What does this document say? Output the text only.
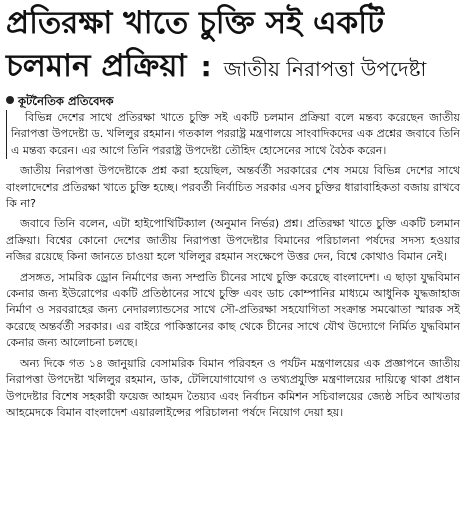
প্রতিরক্ষা খাতে চুক্তি সই একটি
চলমান প্রক্রিয়া : জাতীয় নিরাপত্তা উপদেষ্টা
কূটনৈতিক প্রতিবেদক

বিভিন্ন দেশের সাথে প্রতিরক্ষা খাতে চুক্তি সই একটি চলমান প্রক্রিয়া বলে মন্তব্য করেছেন জাতীয় নিরাপত্তা উপদেষ্টা ড. খলিলুর রহমান। গতকাল পররাষ্ট্র মন্ত্রণালয়ে সাংবাদিকদের এক প্রশ্নের জবাবে তিনি এ মন্তব্য করেন। এর আগে তিনি পররাষ্ট্র উপদেষ্টা তৌহিদ হোসেনের সাথে বৈঠক করেন।

জাতীয় নিরাপত্তা উপদেষ্টাকে প্রশ্ন করা হয়েছিল, অন্তর্বর্তী সরকারের শেষ সময়ে বিভিন্ন দেশের সাথে বাংলাদেশের প্রতিরক্ষা খাতে চুক্তি হচ্ছে। পরবর্তী নির্বাচিত সরকার এসব চুক্তির ধারাবাহিকতা বজায় রাখবে কি না?

জবাবে তিনি বলেন, এটা হাইপোথিটিক্যাল (অনুমান নির্ভর) প্রশ্ন। প্রতিরক্ষা খাতে চুক্তি একটি চলমান প্রক্রিয়া। বিশ্বের কোনো দেশের জাতীয় নিরাপত্তা উপদেষ্টার বিমানের পরিচালনা পর্ষদের সদস্য হওয়ার নজির রয়েছে কিনা জানতে চাওয়া হলে খলিলুর রহমান সংক্ষেপে উত্তর দেন, বিশ্বে কোথাও বিমান নেই।

প্রসঙ্গত, সামরিক ড্রোন নির্মাণের জন্য সম্প্রতি চীনের সাথে চুক্তি করেছে বাংলাদেশ। এ ছাড়া যুদ্ধবিমান কেনার জন্য ইউরোপের একটি প্রতিষ্ঠানের সাথে চুক্তি এবং ডাচ কোম্পানির মাধ্যমে আধুনিক যুদ্ধজাহাজ নির্মাণ ও সরবরাহের জন্য নেদারল্যান্ডসের সাথে সৌ-প্রতিরক্ষা সহযোগিতা সংক্রান্ত সমঝোতা স্মারক সই করেছে অন্তর্বর্তী সরকার। এর বাইরে পাকিস্তানের কাছ থেকে চীনের সাথে যৌথ উদ্যোগে নির্মিত যুদ্ধবিমান কেনার জন্য আলোচনা চলছে।

অন্য দিকে গত ১৪ জানুয়ারি বেসামরিক বিমান পরিবহন ও পর্যটন মন্ত্রণালয়ের এক প্রজ্ঞাপনে জাতীয় নিরাপত্তা উপদেষ্টা খলিলুর রহমান, ডাক, টেলিযোগাযোগ ও তথ্যপ্রযুক্তি মন্ত্রণালয়ের দায়িত্বে থাকা প্রধান উপদেষ্টার বিশেষ সহকারী ফয়েজ আহমদ তৈয়্যব এবং নির্বাচন কমিশন সচিবালয়ের জ্যেষ্ঠ সচিব আখতার আহমেদকে বিমান বাংলাদেশ এয়ারলাইন্সের পরিচালনা পর্ষদে নিয়োগ দেয়া হয়।
